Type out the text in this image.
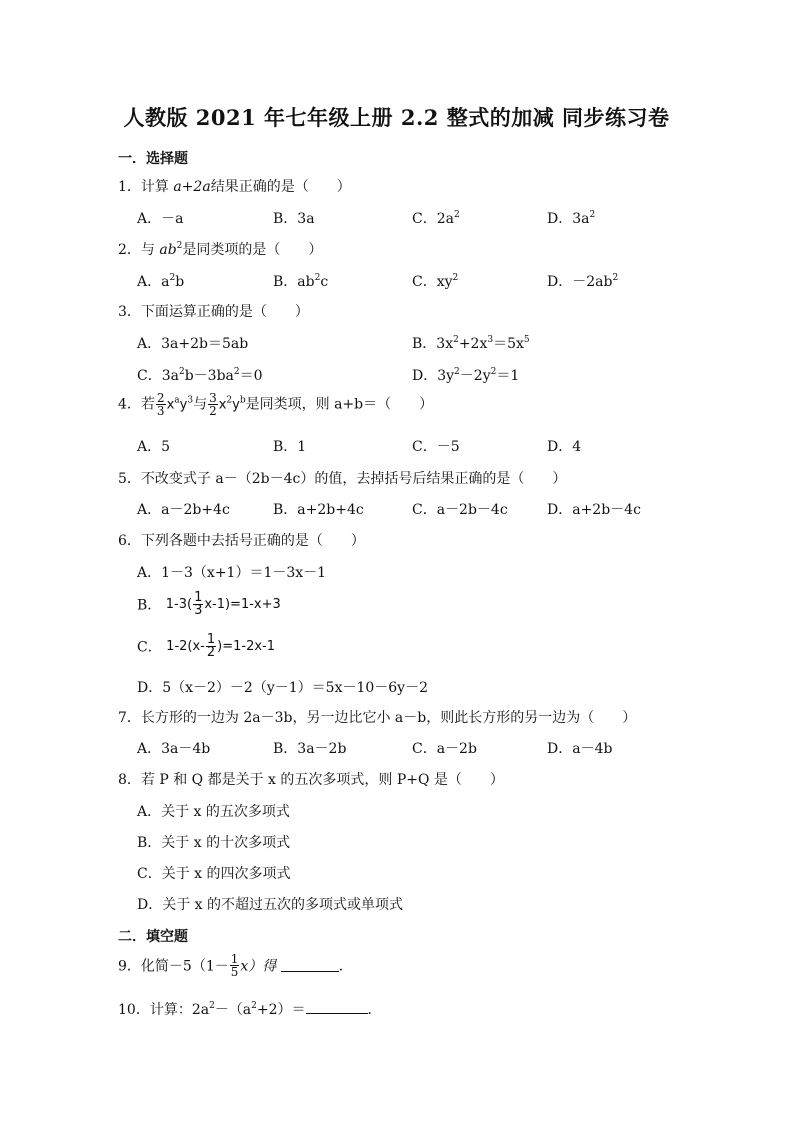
人教版 2021 年七年级上册 2.2 整式的加减 同步练习卷
一．选择题
1．计算 a+2a结果正确的是（　　）
A．－a	B．3a	C．$2a^2$	D．$3a^2$
2．与 $ab^2$是同类项的是（　　）
A．$a^2b$	B．$ab^2c$	C．$xy^2$	D．$-2ab^2$
3．下面运算正确的是（　　）
A．3a+2b＝5ab	B．$3x^2+2x^3=5x^5$
C．$3a^2b-3ba^2=0$	D．$3y^2-2y^2=1$
4．若 $\frac{2}{3} x^ay^3$与 $\frac{3}{2} x^2y^b$是同类项，则 a+b＝（　　）
A．5	B．1	C．－5	D．4
5．不改变式子 a－（2b－4c）的值，去掉括号后结果正确的是（　　）
A．a－2b+4c	B．a+2b+4c	C．a－2b－4c	D．a+2b－4c
6．下列各题中去括号正确的是（　　）
A．1－3（x+1）＝1－3x－1
B． $1-3( \frac{1}{3} x-1)=1-x+3$
C． $1-2(x- \frac{1}{2} )=1-2x-1$
D．5（x－2）－2（y－1）＝5x－10－6y－2
7．长方形的一边为 2a－3b，另一边比它小 a－b，则此长方形的另一边为（　　）
A．3a－4b	B．3a－2b	C．a－2b	D．a－4b
8．若 P 和 Q 都是关于 x 的五次多项式，则 P+Q 是（　　）
A．关于 x 的五次多项式
B．关于 x 的十次多项式
C．关于 x 的四次多项式
D．关于 x 的不超过五次的多项式或单项式
二．填空题
9．化简$-5(1- \frac{1}{5} x)$得	．
10．计算：$2a^2-(a^2+2)=$	．
